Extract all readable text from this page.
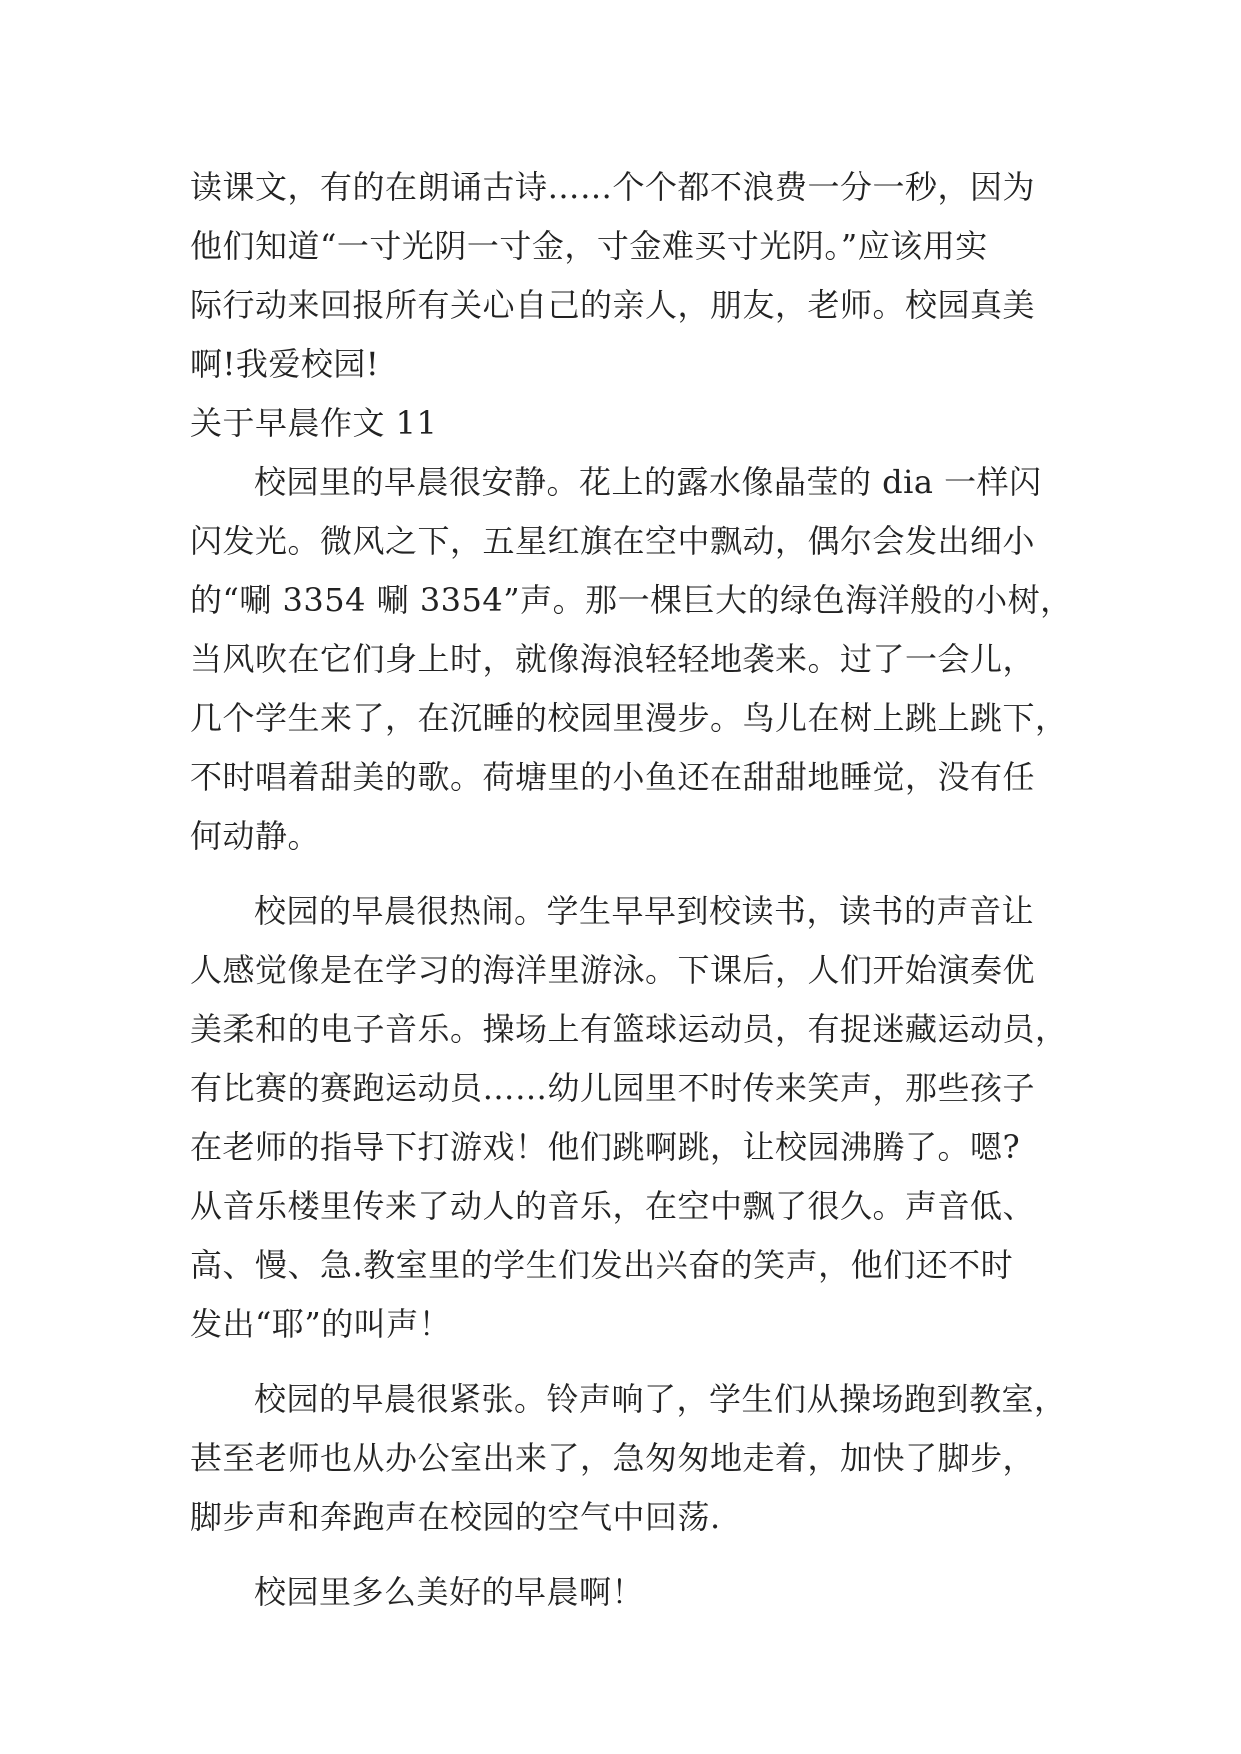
读课文，有的在朗诵古诗……个个都不浪费一分一秒，因为
他们知道“一寸光阴一寸金，寸金难买寸光阴。”应该用实
际行动来回报所有关心自己的亲人，朋友，老师。校园真美
啊!我爱校园!
关于早晨作文 11
校园里的早晨很安静。花上的露水像晶莹的 dia 一样闪
闪发光。微风之下，五星红旗在空中飘动，偶尔会发出细小
的“唰 3354 唰 3354”声。那一棵巨大的绿色海洋般的小树，
当风吹在它们身上时，就像海浪轻轻地袭来。过了一会儿，
几个学生来了，在沉睡的校园里漫步。鸟儿在树上跳上跳下，
不时唱着甜美的歌。荷塘里的小鱼还在甜甜地睡觉，没有任
何动静。
校园的早晨很热闹。学生早早到校读书，读书的声音让
人感觉像是在学习的海洋里游泳。下课后，人们开始演奏优
美柔和的电子音乐。操场上有篮球运动员，有捉迷藏运动员，
有比赛的赛跑运动员……幼儿园里不时传来笑声，那些孩子
在老师的指导下打游戏！他们跳啊跳，让校园沸腾了。嗯?
从音乐楼里传来了动人的音乐，在空中飘了很久。声音低、
高、慢、急.教室里的学生们发出兴奋的笑声，他们还不时
发出“耶”的叫声！
校园的早晨很紧张。铃声响了，学生们从操场跑到教室，
甚至老师也从办公室出来了，急匆匆地走着，加快了脚步，
脚步声和奔跑声在校园的空气中回荡.
校园里多么美好的早晨啊！
